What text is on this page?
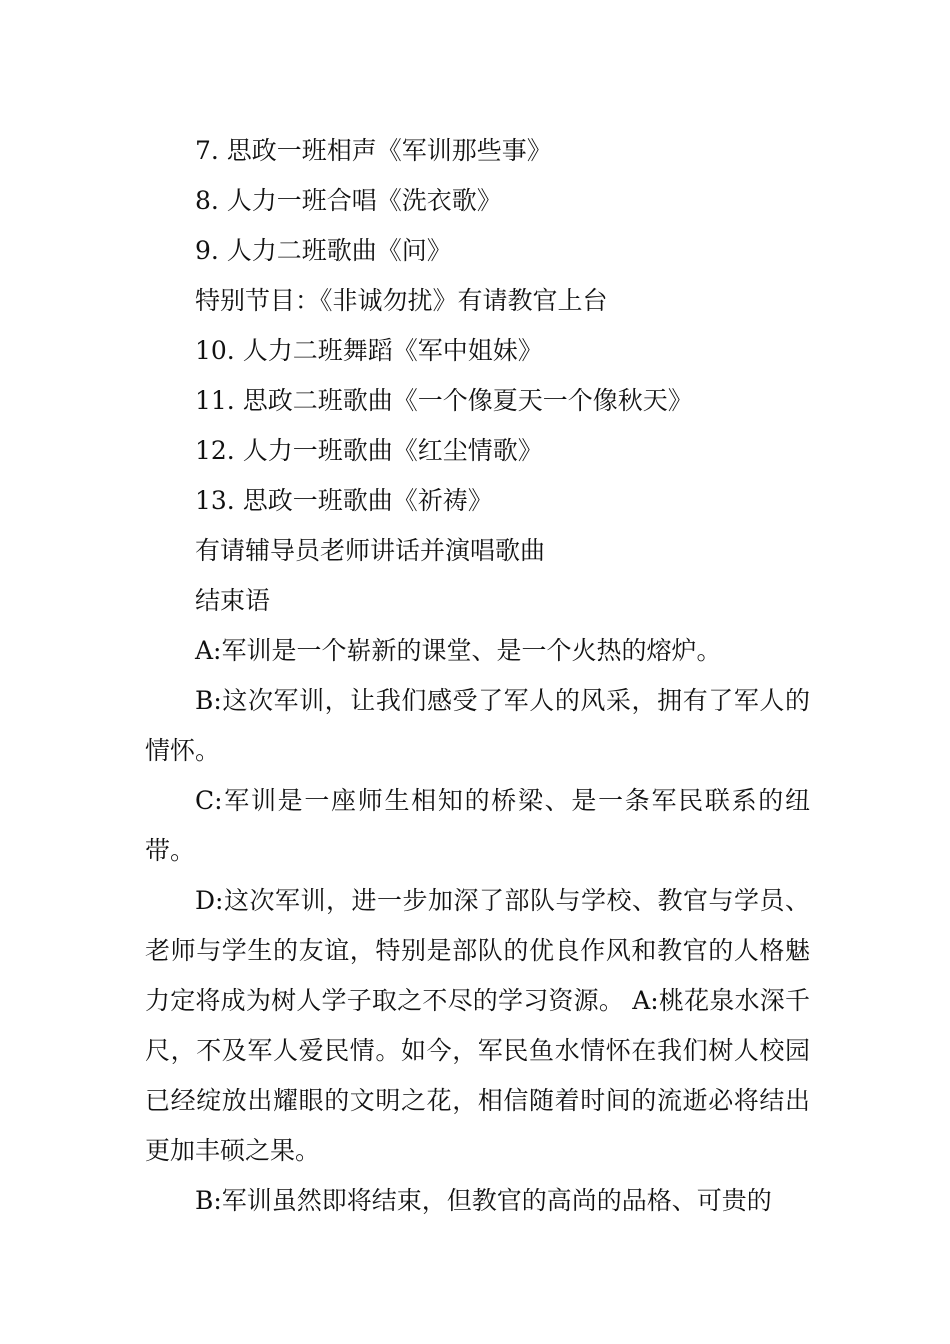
7. 思政一班相声《军训那些事》

8. 人力一班合唱《洗衣歌》

9. 人力二班歌曲《问》

特别节目：《非诚勿扰》有请教官上台

10. 人力二班舞蹈《军中姐妹》

11. 思政二班歌曲《一个像夏天一个像秋天》

12. 人力一班歌曲《红尘情歌》

13. 思政一班歌曲《祈祷》

有请辅导员老师讲话并演唱歌曲

结束语

A:军训是一个崭新的课堂、是一个火热的熔炉。

B:这次军训，让我们感受了军人的风采，拥有了军人的情怀。

C:军训是一座师生相知的桥梁、是一条军民联系的纽带。

D:这次军训，进一步加深了部队与学校、教官与学员、老师与学生的友谊，特别是部队的优良作风和教官的人格魅力定将成为树人学子取之不尽的学习资源。 A:桃花泉水深千尺，不及军人爱民情。如今，军民鱼水情怀在我们树人校园已经绽放出耀眼的文明之花，相信随着时间的流逝必将结出更加丰硕之果。

B:军训虽然即将结束，但教官的高尚的品格、可贵的
